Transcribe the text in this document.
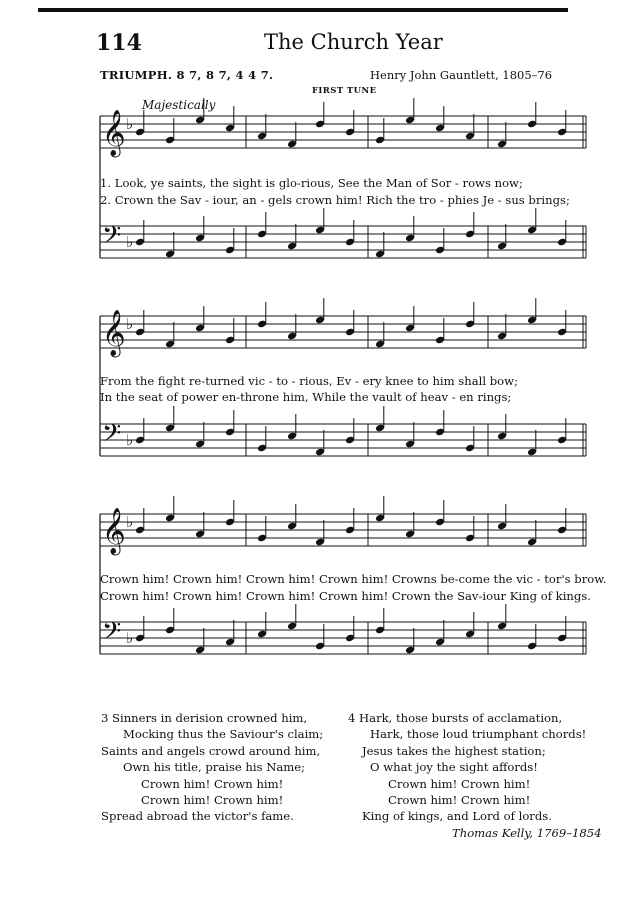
114	The Church Year
TRIUMPH. 8 7, 8 7, 4 4 7.	Henry John Gauntlett, 1805–76
FIRST TUNE
Majestically
𝄞 ♭
𝄢 ♭
𝄞 ♭
𝄢 ♭
𝄞 ♭
𝄢 ♭
1. Look, ye saints, the sight is glo-rious, See the Man of Sor - rows now;
2. Crown the Sav - iour, an - gels crown him! Rich the tro - phies Je - sus brings;
From the fight re-turned vic - to - rious, Ev - ery knee to him shall bow;
In the seat of power en-throne him, While the vault of heav - en rings;
Crown him! Crown him! Crown him! Crown him! Crowns be-come the vic - tor's brow.
Crown him! Crown him! Crown him! Crown him! Crown the Sav-iour King of kings.
3 Sinners in derision crowned him,
Mocking thus the Saviour's claim;
Saints and angels crowd around him,
Own his title, praise his Name;
Crown him! Crown him!
Crown him! Crown him!
Spread abroad the victor's fame.
4 Hark, those bursts of acclamation,
Hark, those loud triumphant chords!
Jesus takes the highest station;
O what joy the sight affords!
Crown him! Crown him!
Crown him! Crown him!
King of kings, and Lord of lords.
Thomas Kelly, 1769–1854
